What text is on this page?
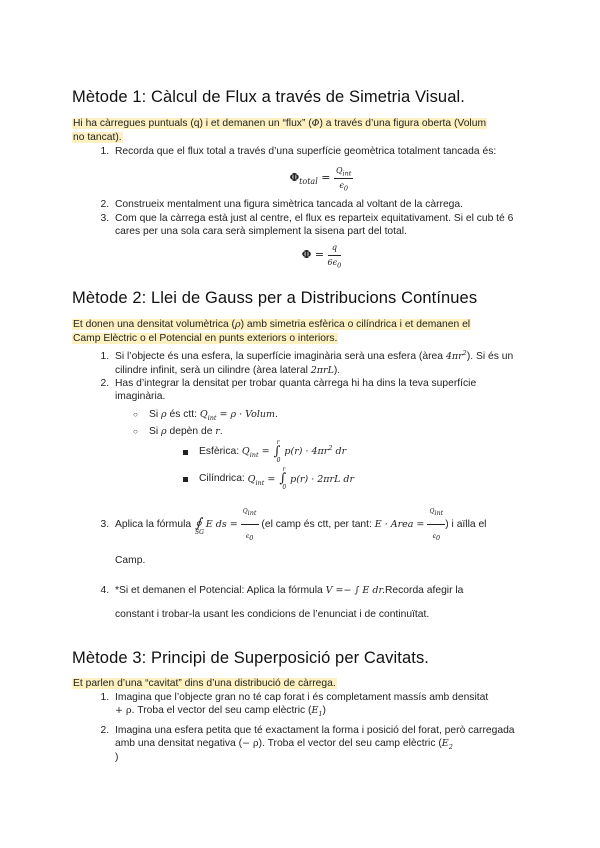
Mètode 1: Càlcul de Flux a través de Simetria Visual.
Hi ha càrregues puntuals (q) i et demanen un “flux” (Φ) a través d’una figura oberta (Volum
no tancat).
1. Recorda que el flux total a través d’una superfície geomètrica totalment tancada és:
$\Phi_{total} = \frac{Q_{int}}{\epsilon_0}$
2. Construeix mentalment una figura simètrica tancada al voltant de la càrrega.
3. Com que la càrrega està just al centre, el flux es reparteix equitativament. Si el cub té 6 cares per una sola cara serà simplement la sisena part del total.
$\Phi = \frac{q}{6\epsilon_0}$
Mètode 2: Llei de Gauss per a Distribucions Contínues
Et donen una densitat volumètrica (ρ) amb simetria esfèrica o cilíndrica i et demanen el
Camp Elèctric o el Potencial en punts exteriors o interiors.
1. Si l’objecte és una esfera, la superfície imaginària serà una esfera (àrea $4\pi r^2$). Si és un cilindre infinit, serà un cilindre (àrea lateral 2πrL).
2. Has d’integrar la densitat per trobar quanta càrrega hi ha dins la teva superfície imaginària.
○ Si ρ és ctt: $Q_{int} = \rho$ · Volum.
○ Si ρ depèn de r.
Esfèrica: $Q_{int}$ = ∫
r
0
$p(r) \cdot 4\pi r^2$ dr
Cilíndrica: $Q_{int}$ = ∫
r
0
p(r) · 2πrL dr
3. Aplica la fórmula ∮
SG
E ds = $\frac{Q_{int}}{\epsilon_0} (el$ camp és ctt, per tant: E · Area = $\frac{Q_{int}}{\epsilon_0}$ ) i aïlla el
Camp.
4. *Si et demanen el Potencial: Aplica la fórmula V =− ∫ E dr.Recorda afegir la
constant i trobar-la usant les condicions de l’enunciat i de continuïtat.
Mètode 3: Principi de Superposició per Cavitats.
Et parlen d’una “cavitat” dins d’una distribució de càrrega.
1. Imagina que l’objecte gran no té cap forat i és completament massís amb densitat
+ ρ. Troba el vector del seu camp elèctric $(E_1)$
2. Imagina una esfera petita que té exactament la forma i posició del forat, però carregada amb una densitat negativa (− ρ). Troba el vector del seu camp elèctric ($E_2$
)
